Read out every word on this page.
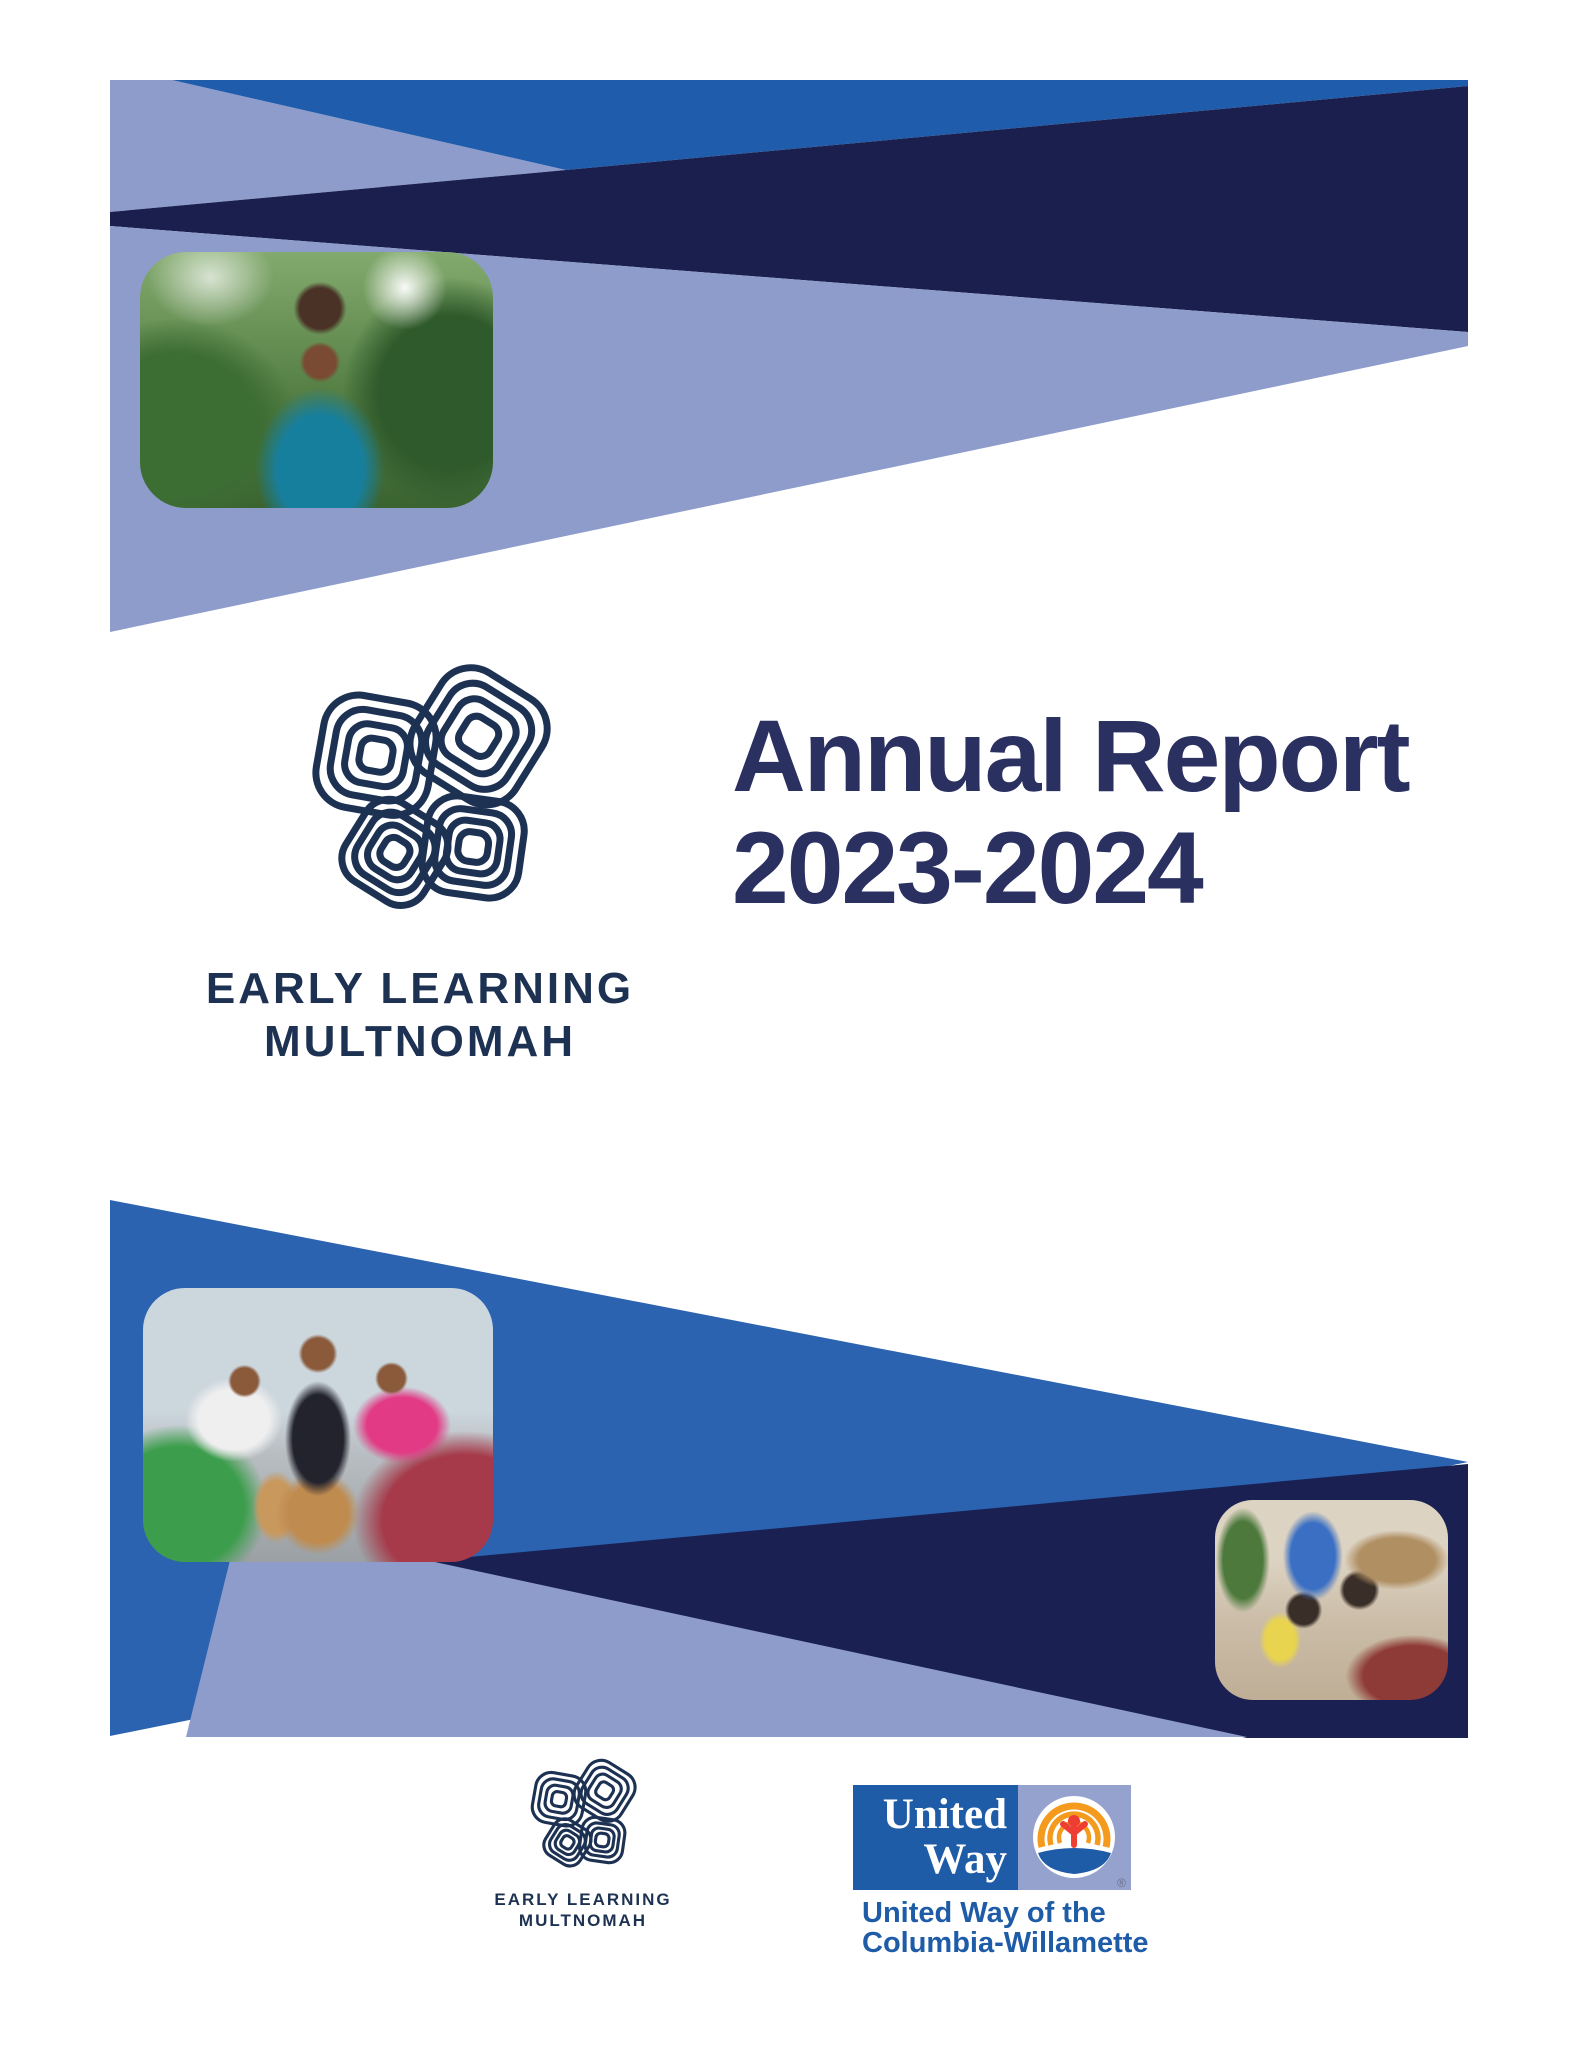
EARLY LEARNING
MULTNOMAH
Annual Report
2023-2024
EARLY LEARNING
MULTNOMAH
United
Way	®
United Way of the
Columbia-Willamette
